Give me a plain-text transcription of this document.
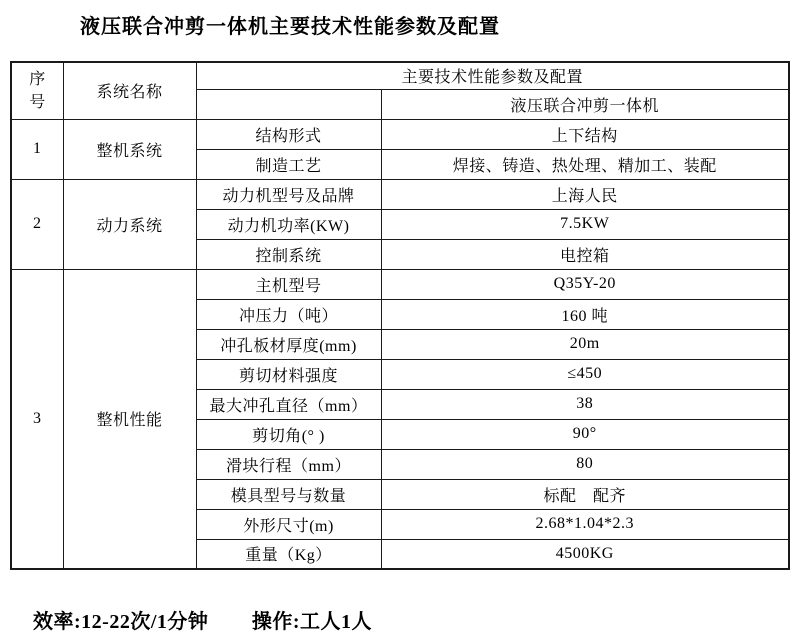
液压联合冲剪一体机主要技术性能参数及配置
序号	系统名称	主要技术性能参数及配置	
			液压联合冲剪一体机
1	整机系统	结构形式	上下结构
		制造工艺	焊接、铸造、热处理、精加工、装配
2	动力系统	动力机型号及品牌	上海人民
		动力机功率(KW)	7.5KW
		控制系统	电控箱
3	整机性能	主机型号	Q35Y-20
		冲压力（吨）	160 吨
		冲孔板材厚度(mm)	20m
		剪切材料强度	≤450
		最大冲孔直径（mm）	38
		剪切角(° )	90°
		滑块行程（mm）	80
		模具型号与数量	标配　配齐
		外形尺寸(m)	2.68*1.04*2.3
		重量（Kg）	4500KG
效率:12-22次/1分钟 操作:工人1人
